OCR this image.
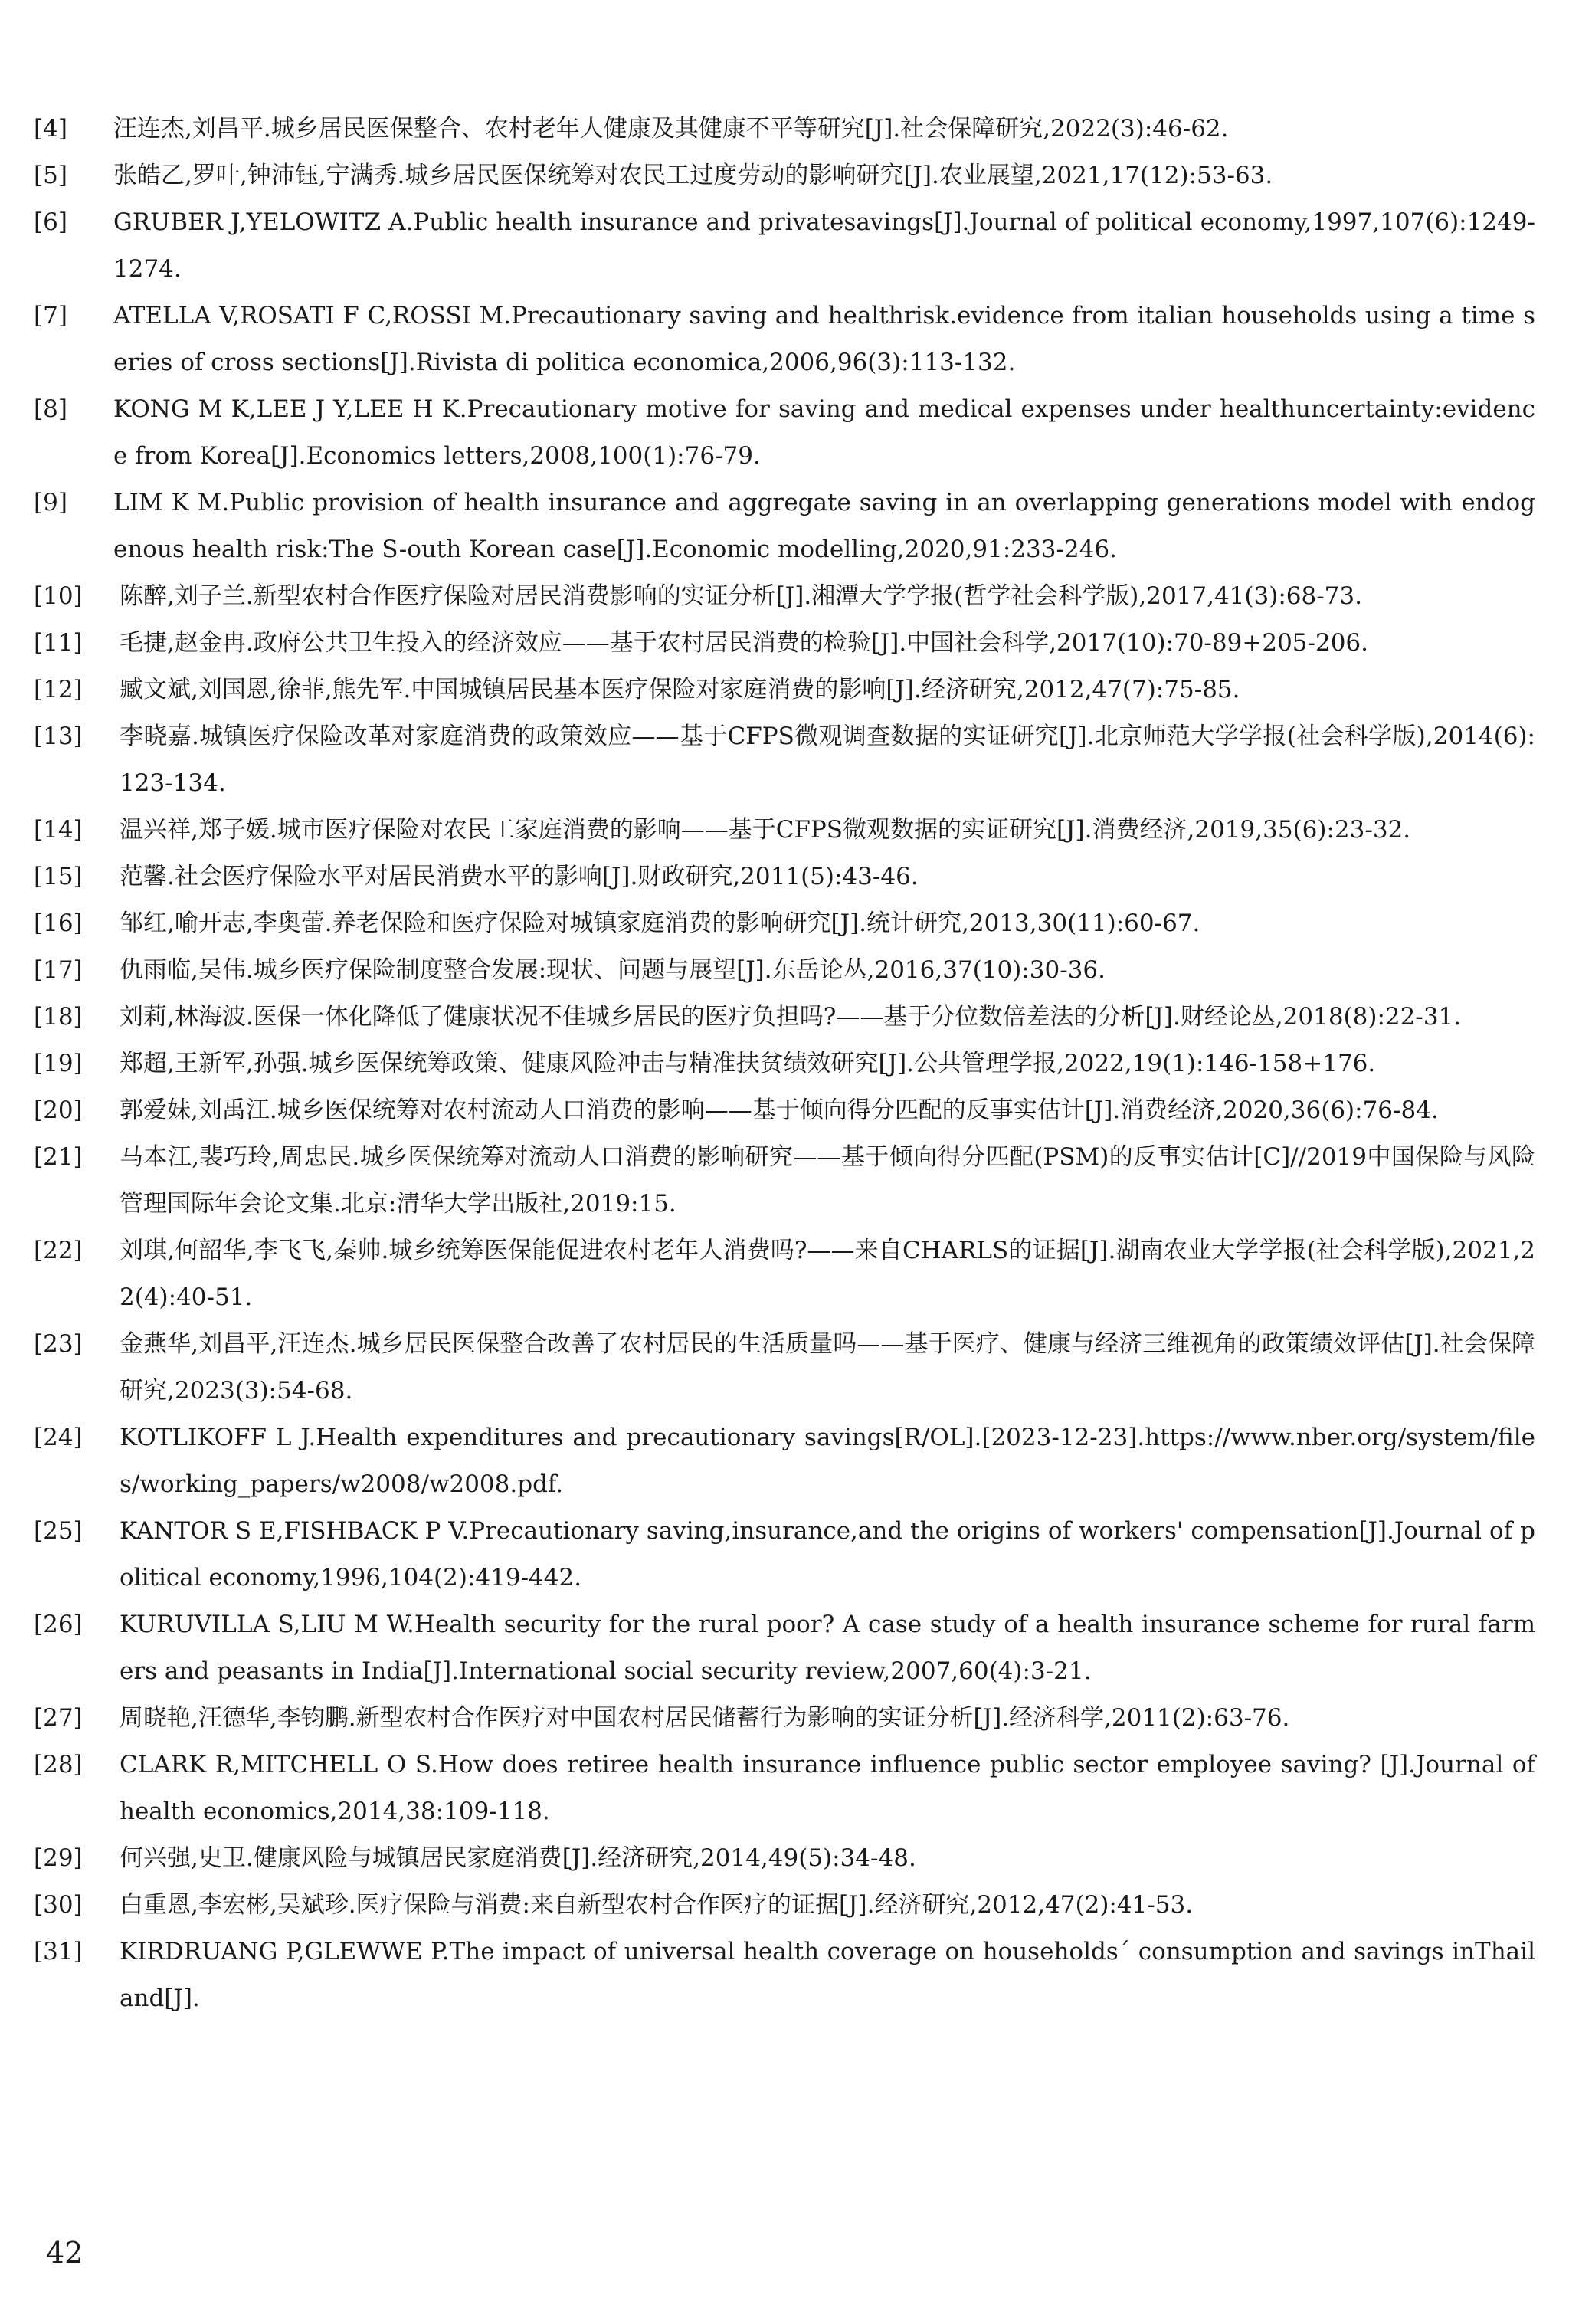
[4]	汪连杰,刘昌平.城乡居民医保整合、农村老年人健康及其健康不平等研究[J].社会保障研究,2022(3):46-62.
[5]	张皓乙,罗叶,钟沛钰,宁满秀.城乡居民医保统筹对农民工过度劳动的影响研究[J].农业展望,2021,17(12):53-63.
[6]	GRUBER J,YELOWITZ A.Public health insurance and privatesavings[J].Journal of political economy,1997,107(6):1249-1274.
[7]	ATELLA V,ROSATI F C,ROSSI M.Precautionary saving and healthrisk.evidence from italian households using a time series of cross sections[J].Rivista di politica economica,2006,96(3):113-132.
[8]	KONG M K,LEE J Y,LEE H K.Precautionary motive for saving and medical expenses under healthuncertainty:evidence from Korea[J].Economics letters,2008,100(1):76-79.
[9]	LIM K M.Public provision of health insurance and aggregate saving in an overlapping generations model with endogenous health risk:The S-outh Korean case[J].Economic modelling,2020,91:233-246.
[10]	陈醉,刘子兰.新型农村合作医疗保险对居民消费影响的实证分析[J].湘潭大学学报(哲学社会科学版),2017,41(3):68-73.
[11]	毛捷,赵金冉.政府公共卫生投入的经济效应——基于农村居民消费的检验[J].中国社会科学,2017(10):70-89+205-206.
[12]	臧文斌,刘国恩,徐菲,熊先军.中国城镇居民基本医疗保险对家庭消费的影响[J].经济研究,2012,47(7):75-85.
[13]	李晓嘉.城镇医疗保险改革对家庭消费的政策效应——基于CFPS微观调查数据的实证研究[J].北京师范大学学报(社会科学版),2014(6):123-134.
[14]	温兴祥,郑子媛.城市医疗保险对农民工家庭消费的影响——基于CFPS微观数据的实证研究[J].消费经济,2019,35(6):23-32.
[15]	范馨.社会医疗保险水平对居民消费水平的影响[J].财政研究,2011(5):43-46.
[16]	邹红,喻开志,李奥蕾.养老保险和医疗保险对城镇家庭消费的影响研究[J].统计研究,2013,30(11):60-67.
[17]	仇雨临,吴伟.城乡医疗保险制度整合发展:现状、问题与展望[J].东岳论丛,2016,37(10):30-36.
[18]	刘莉,林海波.医保一体化降低了健康状况不佳城乡居民的医疗负担吗?——基于分位数倍差法的分析[J].财经论丛,2018(8):22-31.
[19]	郑超,王新军,孙强.城乡医保统筹政策、健康风险冲击与精准扶贫绩效研究[J].公共管理学报,2022,19(1):146-158+176.
[20]	郭爱妹,刘禹江.城乡医保统筹对农村流动人口消费的影响——基于倾向得分匹配的反事实估计[J].消费经济,2020,36(6):76-84.
[21]	马本江,裴巧玲,周忠民.城乡医保统筹对流动人口消费的影响研究——基于倾向得分匹配(PSM)的反事实估计[C]//2019中国保险与风险管理国际年会论文集.北京:清华大学出版社,2019:15.
[22]	刘琪,何韶华,李飞飞,秦帅.城乡统筹医保能促进农村老年人消费吗?——来自CHARLS的证据[J].湖南农业大学学报(社会科学版),2021,22(4):40-51.
[23]	金燕华,刘昌平,汪连杰.城乡居民医保整合改善了农村居民的生活质量吗——基于医疗、健康与经济三维视角的政策绩效评估[J].社会保障研究,2023(3):54-68.
[24]	KOTLIKOFF L J.Health expenditures and precautionary savings[R/OL].[2023-12-23].https://www.nber.org/system/files/working_papers/w2008/w2008.pdf.
[25]	KANTOR S E,FISHBACK P V.Precautionary saving,insurance,and the origins of workers' compensation[J].Journal of political economy,1996,104(2):419-442.
[26]	KURUVILLA S,LIU M W.Health security for the rural poor? A case study of a health insurance scheme for rural farmers and peasants in India[J].International social security review,2007,60(4):3-21.
[27]	周晓艳,汪德华,李钧鹏.新型农村合作医疗对中国农村居民储蓄行为影响的实证分析[J].经济科学,2011(2):63-76.
[28]	CLARK R,MITCHELL O S.How does retiree health insurance influence public sector employee saving? [J].Journal of health economics,2014,38:109-118.
[29]	何兴强,史卫.健康风险与城镇居民家庭消费[J].经济研究,2014,49(5):34-48.
[30]	白重恩,李宏彬,吴斌珍.医疗保险与消费:来自新型农村合作医疗的证据[J].经济研究,2012,47(2):41-53.
[31]	KIRDRUANG P,GLEWWE P.The impact of universal health coverage on households´ consumption and savings inThailand[J].
42
